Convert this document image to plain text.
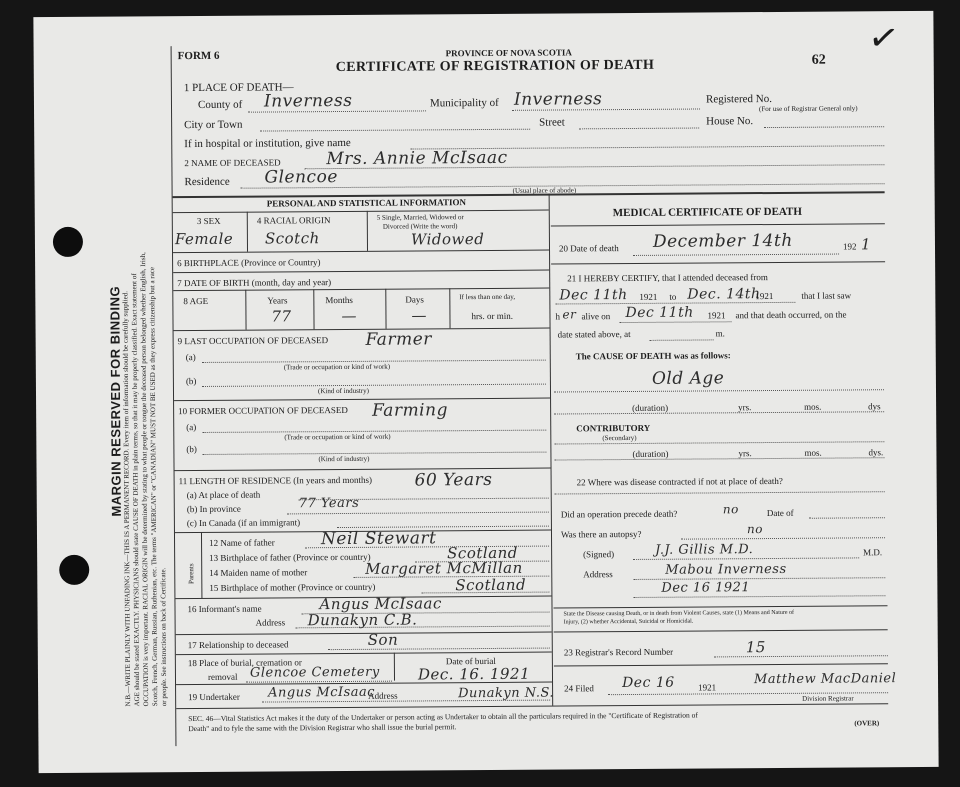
MARGIN RESERVED FOR BINDING
N.B.—WRITE PLAINLY WITH UNFADING INK—THIS IS A PERMANENT RECORD. Every item of information should be carefully supplied.
AGE should be stated EXACTLY. PHYSICIANS should state CAUSE OF DEATH in plain terms, so that it may be properly classified. Exact statement of
OCCUPATION is very important. RACIAL ORIGIN will be determined by stating to what people or tongue the deceased person belonged whether English, Irish,
Scotch, French, German, Russian, Ruthenian, etc. The terms "AMERICAN" or "CANADIAN" MUST NOT BE USED as they express citizenship but a race or people. See instructions on back of Certificate.
FORM 6	PROVINCE OF NOVA SCOTIA
CERTIFICATE OF REGISTRATION OF DEATH	62 ✓
1 PLACE OF DEATH—
County of Inverness	Municipality of Inverness	Registered No.
(For use of Registrar General only)
City or Town	Street	House No.
If in hospital or institution, give name
2 NAME OF DECEASED	Mrs. Annie McIsaac
Residence Glencoe
(Usual place of abode)
PERSONAL AND STATISTICAL INFORMATION
3 SEX
Female
4 RACIAL ORIGIN
Scotch
5 Single, Married, Widowed or
Divorced (Write the word)
Widowed
6 BIRTHPLACE (Province or Country)
7 DATE OF BIRTH (month, day and year)
8 AGE	Years
77
Months
—
Days
—
If less than one day,
hrs. or min.
9 LAST OCCUPATION OF DECEASED Farmer
(a)
(Trade or occupation or kind of work)
(b)
(Kind of industry)
10 FORMER OCCUPATION OF DECEASED Farming
(a)
(Trade or occupation or kind of work)
(b)
(Kind of industry)
11 LENGTH OF RESIDENCE (In years and months)	60 Years
(a) At place of death
(b) In province	77 Years
(c) In Canada (if an immigrant)
Parents
12 Name of father	Neil Stewart
13 Birthplace of father (Province or country)	Scotland
14 Maiden name of mother	Margaret McMillan
15 Birthplace of mother (Province or country)	Scotland
16 Informant's name	Angus McIsaac
Address Dunakyn C.B.
17 Relationship to deceased	Son
18 Place of burial, cremation or
removal Glencoe Cemetery
Date of burial
Dec. 16. 1921
19 Undertaker Angus McIsaac
Address	Dunakyn N.S.
MEDICAL CERTIFICATE OF DEATH
20 Date of death December 14th	192 1
21 I HEREBY CERTIFY, that I attended deceased from
Dec 11th 1921 to Dec. 14th
1921	that I last saw
h er alive on Dec 11th 1921 and that death occurred, on the
date stated above, at	m.
The CAUSE OF DEATH was as follows:
Old Age
(duration)	yrs.	mos.	dys
CONTRIBUTORY
(Secondary)
(duration)	yrs.	mos.	dys.
22 Where was disease contracted if not at place of death?
Did an operation precede death?	no	Date of
Was there an autopsy?	no
(Signed)	J.J. Gillis M.D.	M.D.
Address	Mabou Inverness
Dec 16 1921
State the Disease causing Death, or in death from Violent Causes, state (1) Means and Nature of
Injury, (2) whether Accidental, Suicidal or Homicidal.
23 Registrar's Record Number	15
24 Filed Dec 16	1921
Matthew MacDaniel
Division Registrar
SEC. 46—Vital Statistics Act makes it the duty of the Undertaker or person acting as Undertaker to obtain all the particulars required in the "Certificate of Registration of
Death" and to fyle the same with the Division Registrar who shall issue the burial permit.	(OVER)
